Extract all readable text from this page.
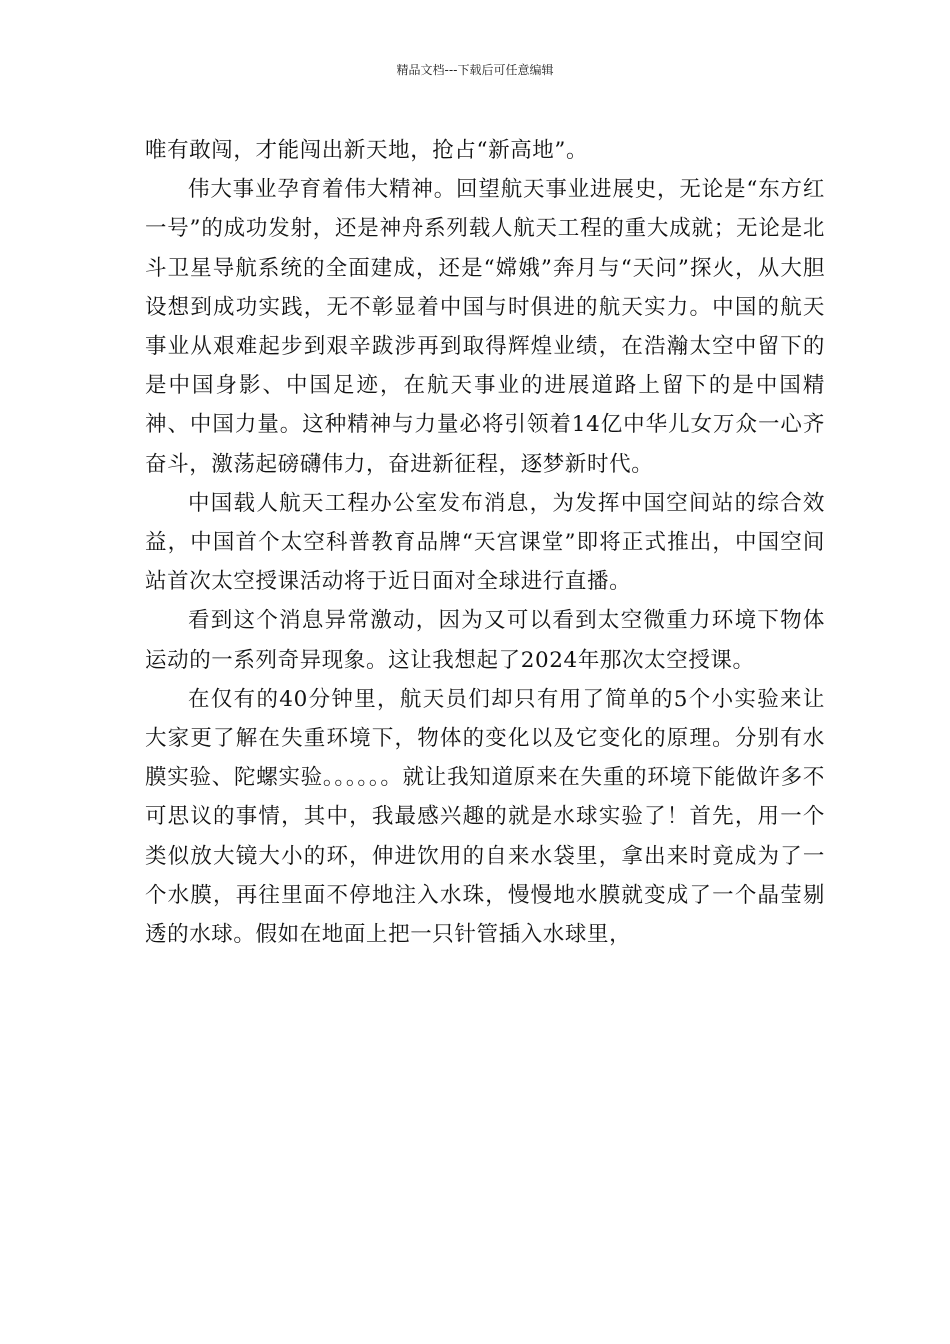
精品文档---下载后可任意编辑

唯有敢闯，才能闯出新天地，抢占“新高地”。

伟大事业孕育着伟大精神。回望航天事业进展史，无论是“东方红一号”的成功发射，还是神舟系列载人航天工程的重大成就；无论是北斗卫星导航系统的全面建成，还是“嫦娥”奔月与“天问”探火，从大胆设想到成功实践，无不彰显着中国与时俱进的航天实力。中国的航天事业从艰难起步到艰辛跋涉再到取得辉煌业绩，在浩瀚太空中留下的是中国身影、中国足迹，在航天事业的进展道路上留下的是中国精神、中国力量。这种精神与力量必将引领着14亿中华儿女万众一心齐奋斗，激荡起磅礴伟力，奋进新征程，逐梦新时代。

中国载人航天工程办公室发布消息，为发挥中国空间站的综合效益，中国首个太空科普教育品牌“天宫课堂”即将正式推出，中国空间站首次太空授课活动将于近日面对全球进行直播。

看到这个消息异常激动，因为又可以看到太空微重力环境下物体运动的一系列奇异现象。这让我想起了2024年那次太空授课。

在仅有的40分钟里，航天员们却只有用了简单的5个小实验来让大家更了解在失重环境下，物体的变化以及它变化的原理。分别有水膜实验、陀螺实验。。。。。。就让我知道原来在失重的环境下能做许多不可思议的事情，其中，我最感兴趣的就是水球实验了！首先，用一个类似放大镜大小的环，伸进饮用的自来水袋里，拿出来时竟成为了一个水膜，再往里面不停地注入水珠，慢慢地水膜就变成了一个晶莹剔透的水球。假如在地面上把一只针管插入水球里，
